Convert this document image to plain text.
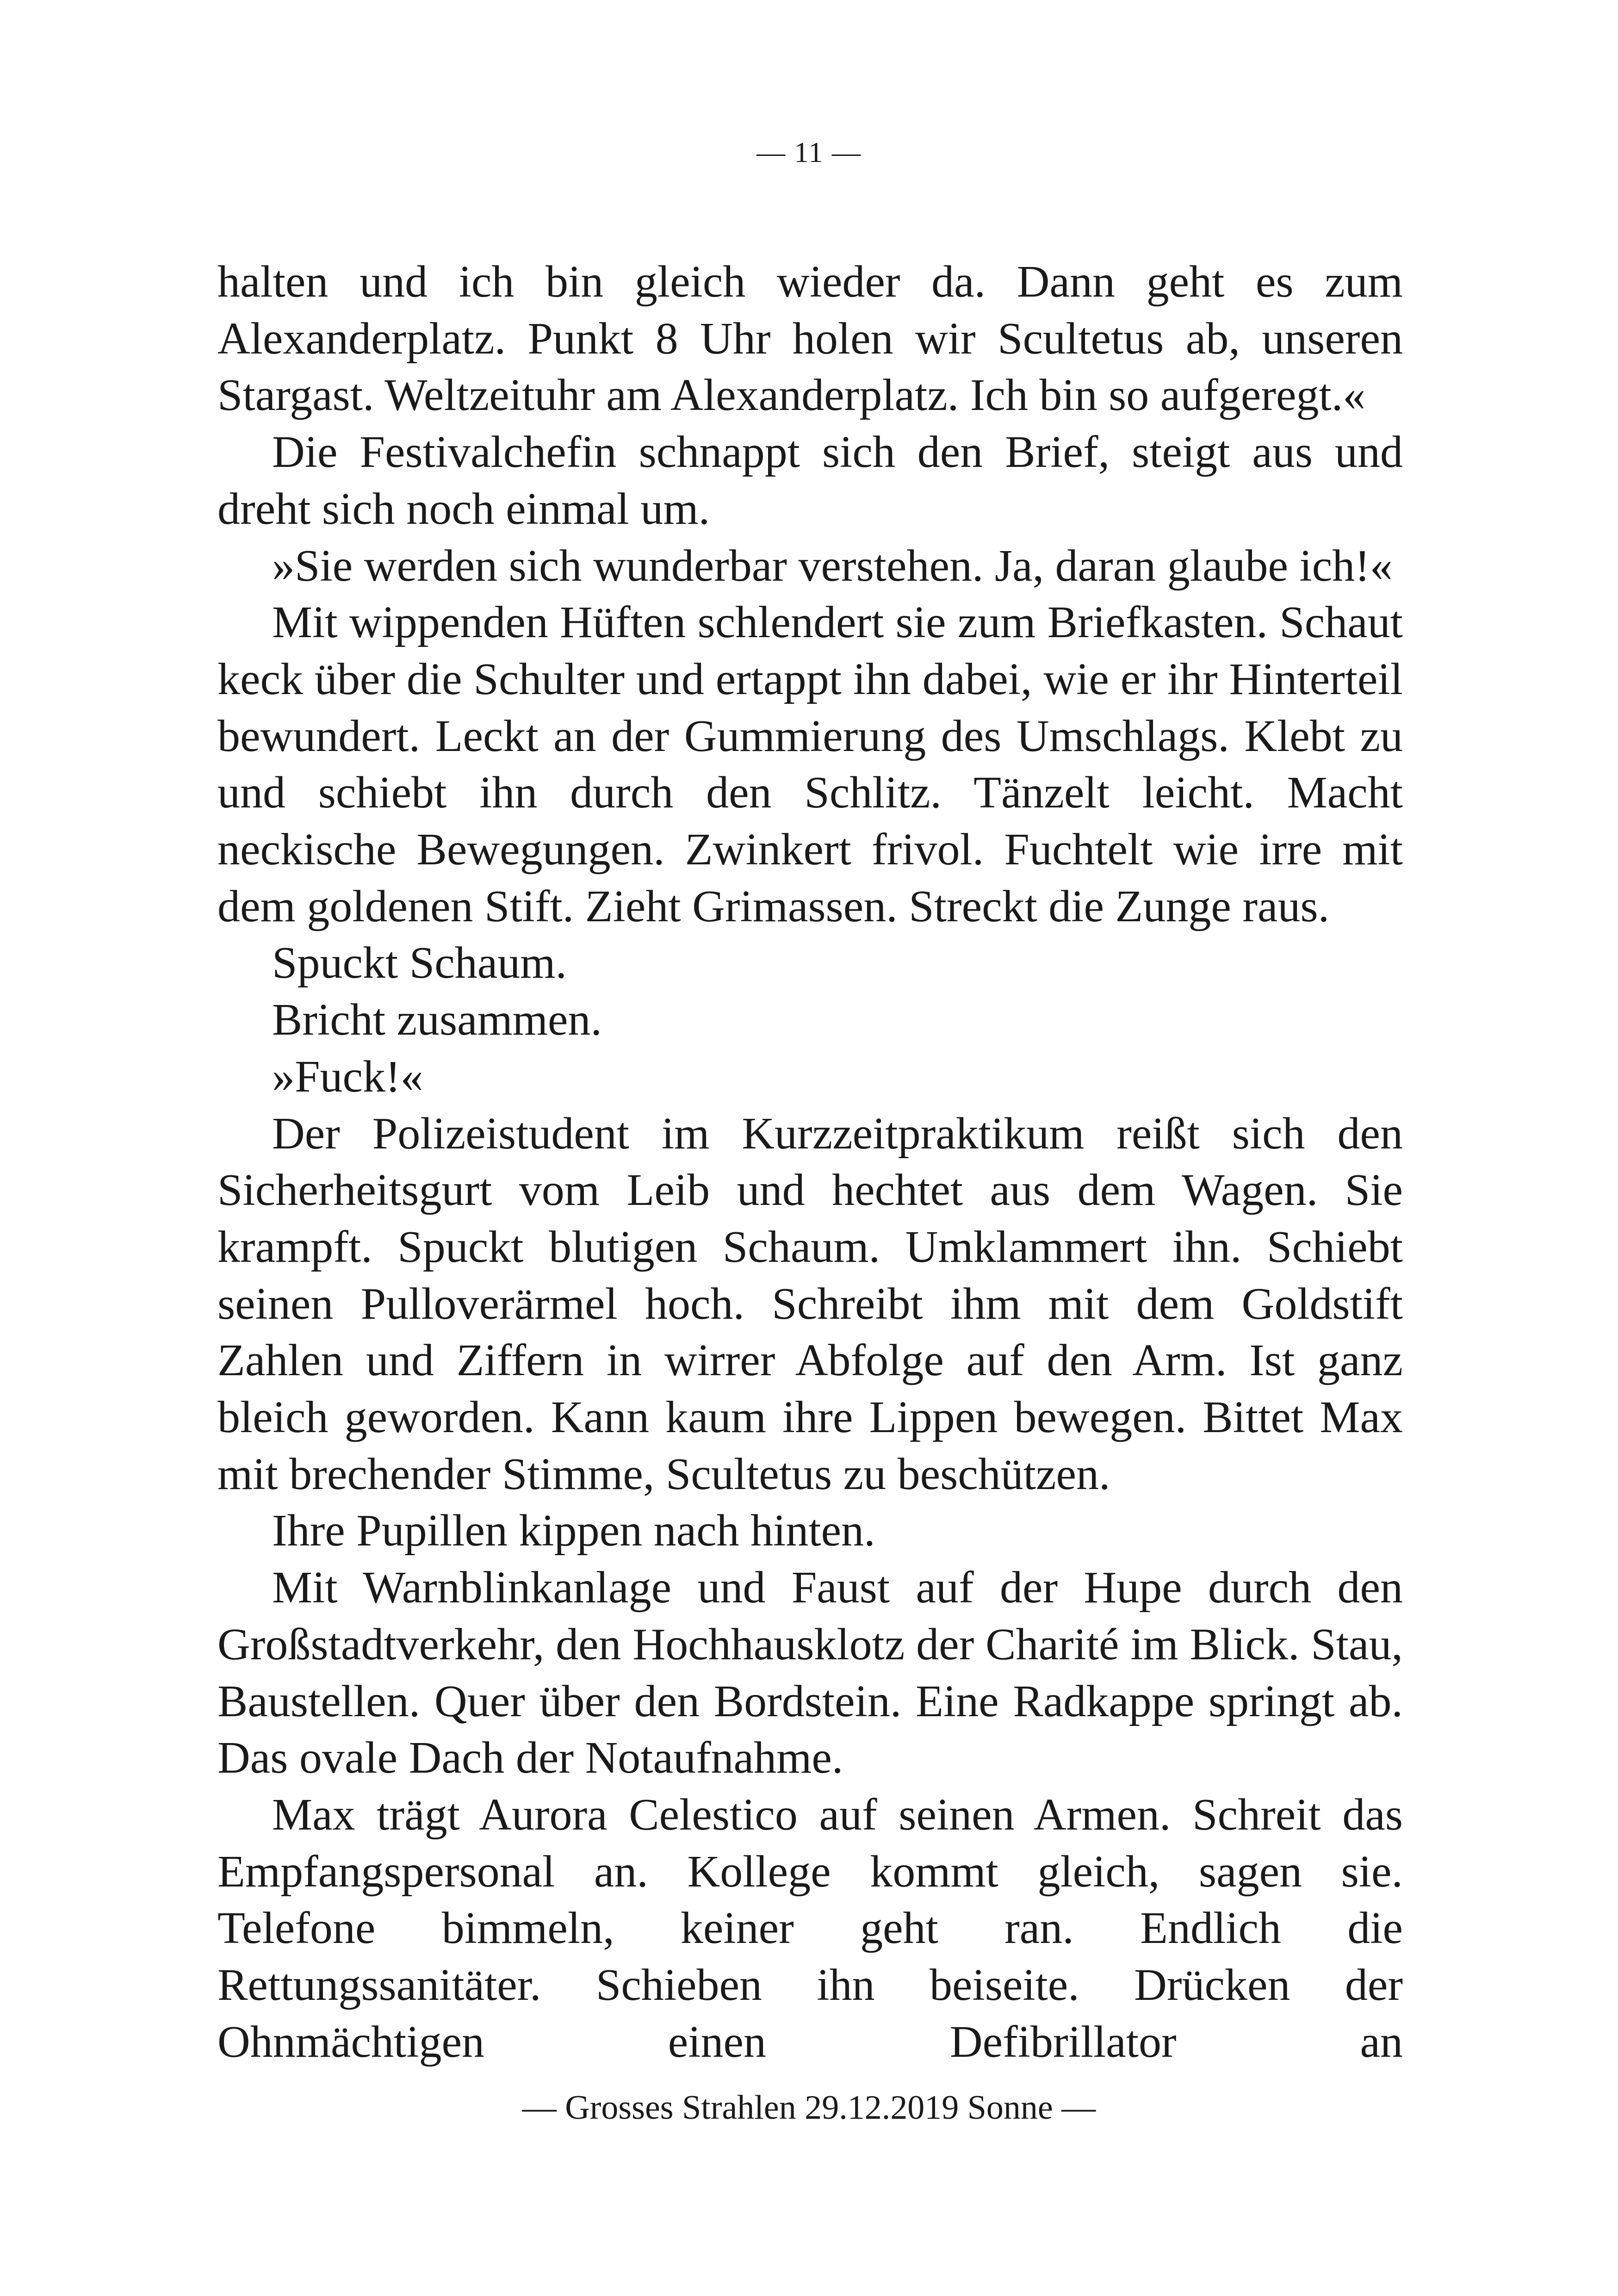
— 11 —

halten und ich bin gleich wieder da. Dann geht es zum Alexanderplatz. Punkt 8 Uhr holen wir Scultetus ab, unseren Stargast. Weltzeituhr am Alexanderplatz. Ich bin so aufgeregt.«

Die Festivalchefin schnappt sich den Brief, steigt aus und dreht sich noch einmal um.

»Sie werden sich wunderbar verstehen. Ja, daran glaube ich!«

Mit wippenden Hüften schlendert sie zum Briefkasten. Schaut keck über die Schulter und ertappt ihn dabei, wie er ihr Hinterteil bewundert. Leckt an der Gummierung des Umschlags. Klebt zu und schiebt ihn durch den Schlitz. Tänzelt leicht. Macht neckische Bewegungen. Zwinkert frivol. Fuchtelt wie irre mit dem goldenen Stift. Zieht Grimassen. Streckt die Zunge raus.

Spuckt Schaum.

Bricht zusammen.

»Fuck!«

Der Polizeistudent im Kurzzeitpraktikum reißt sich den Sicherheitsgurt vom Leib und hechtet aus dem Wagen. Sie krampft. Spuckt blutigen Schaum. Umklammert ihn. Schiebt seinen Pulloverärmel hoch. Schreibt ihm mit dem Goldstift Zahlen und Ziffern in wirrer Abfolge auf den Arm. Ist ganz bleich geworden. Kann kaum ihre Lippen bewegen. Bittet Max mit brechender Stimme, Scultetus zu beschützen.

Ihre Pupillen kippen nach hinten.

Mit Warnblinkanlage und Faust auf der Hupe durch den Großstadtverkehr, den Hochhausklotz der Charité im Blick. Stau, Baustellen. Quer über den Bordstein. Eine Radkappe springt ab. Das ovale Dach der Notaufnahme.

Max trägt Aurora Celestico auf seinen Armen. Schreit das Empfangspersonal an. Kollege kommt gleich, sagen sie. Telefone bimmeln, keiner geht ran. Endlich die Rettungssanitäter. Schieben ihn beiseite. Drücken der Ohnmächtigen einen Defibrillator an

— Grosses Strahlen 29.12.2019 Sonne —
